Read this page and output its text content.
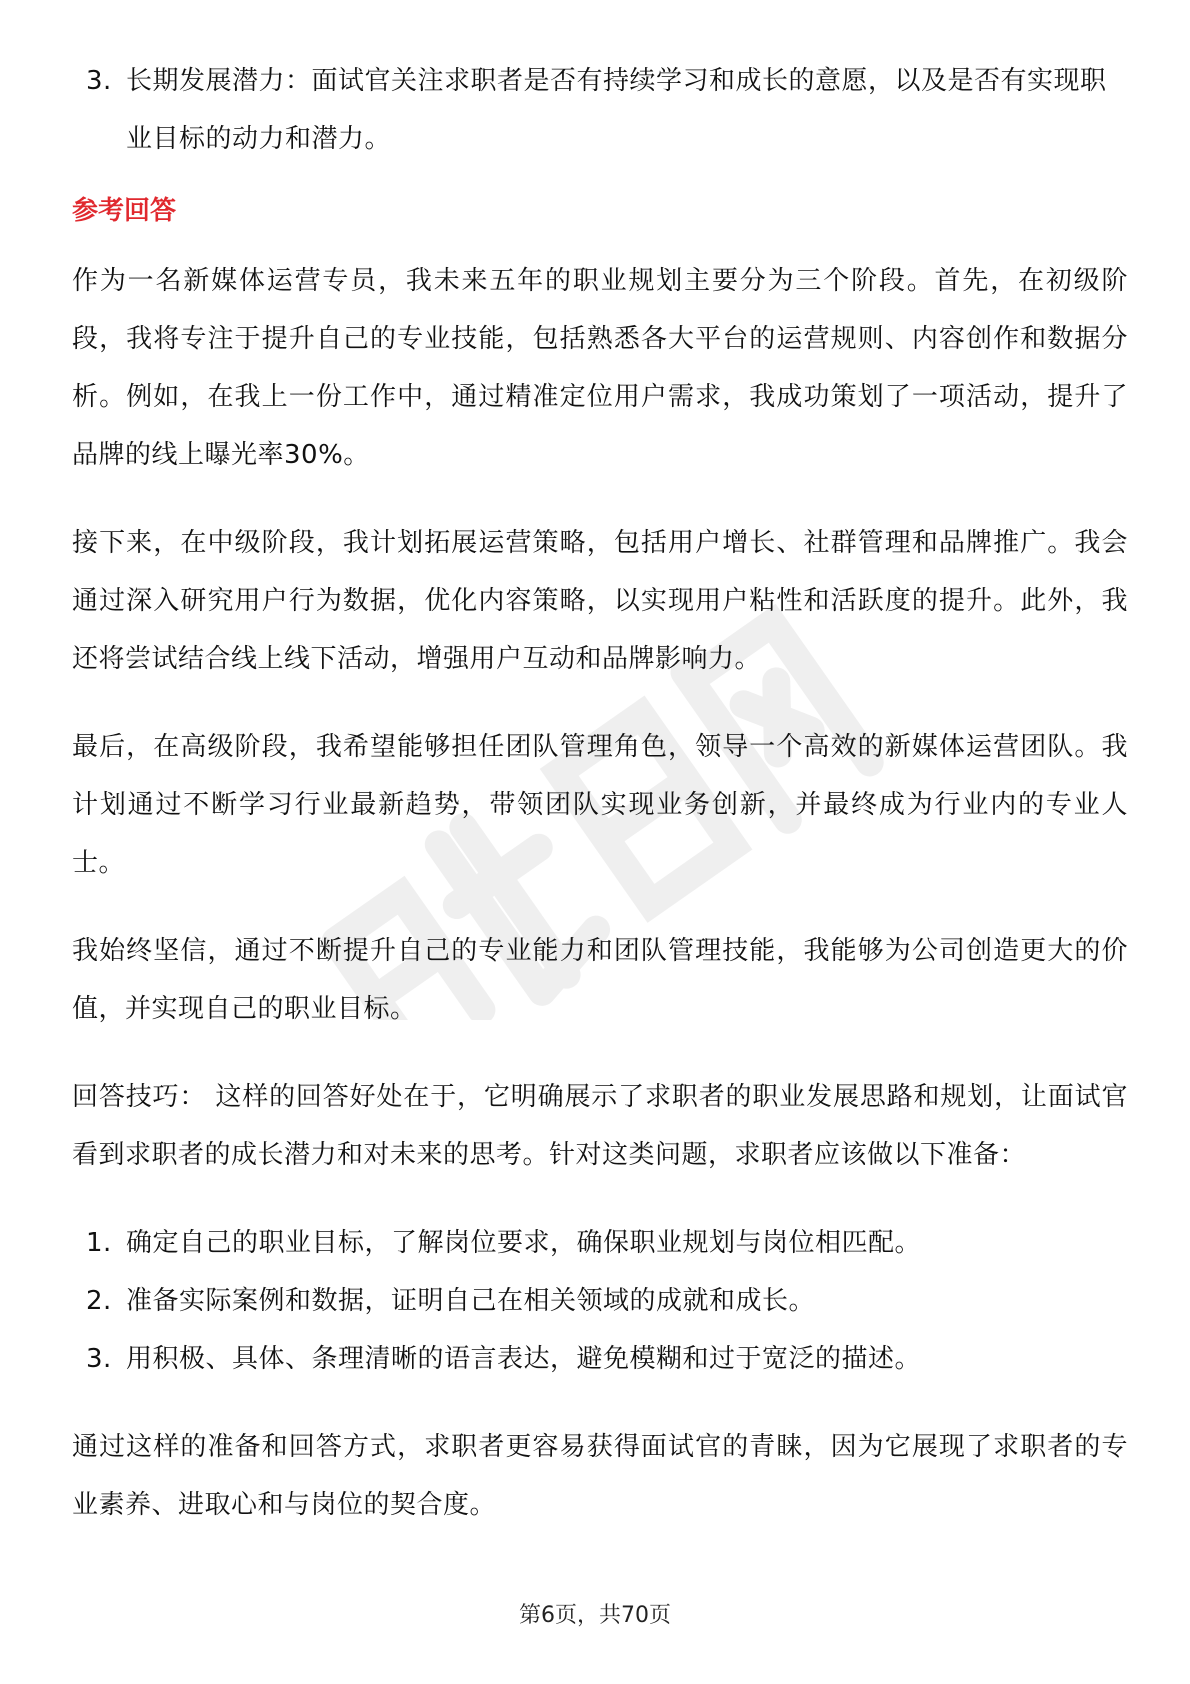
3. 长期发展潜力：面试官关注求职者是否有持续学习和成长的意愿，以及是否有实现职业目标的动力和潜力。
参考回答

作为一名新媒体运营专员，我未来五年的职业规划主要分为三个阶段。首先，在初级阶段，我将专注于提升自己的专业技能，包括熟悉各大平台的运营规则、内容创作和数据分析。例如，在我上一份工作中，通过精准定位用户需求，我成功策划了一项活动，提升了品牌的线上曝光率30%。

接下来，在中级阶段，我计划拓展运营策略，包括用户增长、社群管理和品牌推广。我会通过深入研究用户行为数据，优化内容策略，以实现用户粘性和活跃度的提升。此外，我还将尝试结合线上线下活动，增强用户互动和品牌影响力。

最后，在高级阶段，我希望能够担任团队管理角色，领导一个高效的新媒体运营团队。我计划通过不断学习行业最新趋势，带领团队实现业务创新，并最终成为行业内的专业人士。

我始终坚信，通过不断提升自己的专业能力和团队管理技能，我能够为公司创造更大的价值，并实现自己的职业目标。

回答技巧： 这样的回答好处在于，它明确展示了求职者的职业发展思路和规划，让面试官看到求职者的成长潜力和对未来的思考。针对这类问题，求职者应该做以下准备：

1. 确定自己的职业目标，了解岗位要求，确保职业规划与岗位相匹配。
2. 准备实际案例和数据，证明自己在相关领域的成就和成长。
3. 用积极、具体、条理清晰的语言表达，避免模糊和过于宽泛的描述。

通过这样的准备和回答方式，求职者更容易获得面试官的青睐，因为它展现了求职者的专业素养、进取心和与岗位的契合度。

第6页，共70页
